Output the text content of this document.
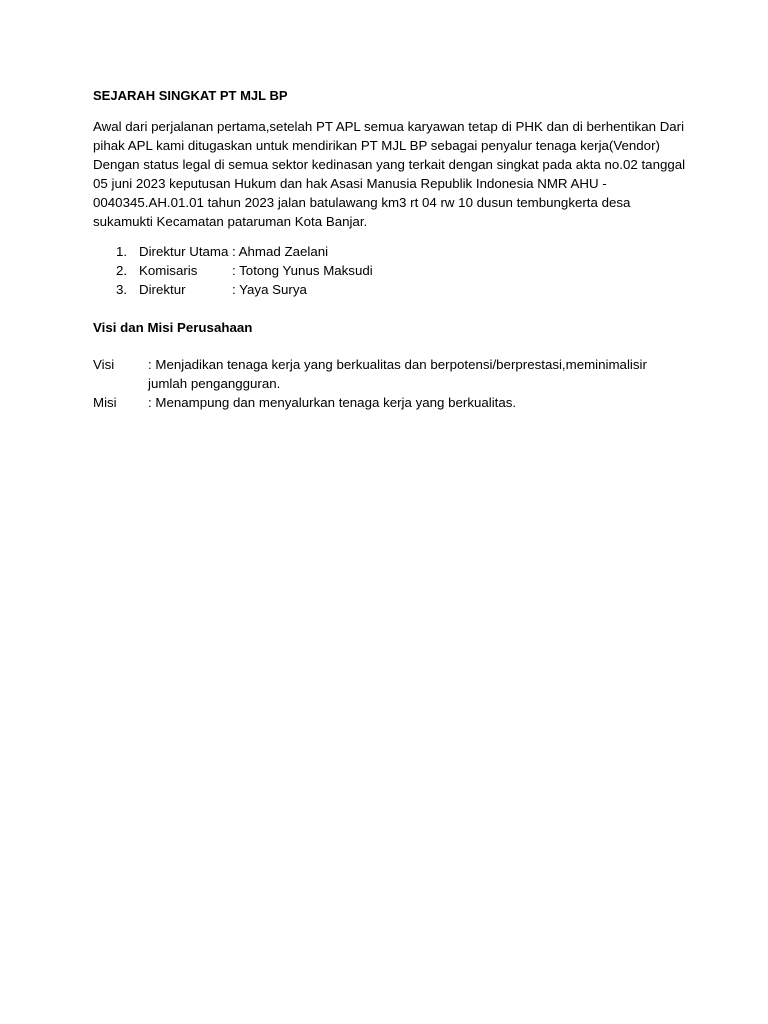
SEJARAH SINGKAT PT MJL BP
Awal dari perjalanan pertama,setelah PT APL semua karyawan tetap di PHK dan di berhentikan Dari
pihak APL kami ditugaskan untuk mendirikan PT MJL BP sebagai penyalur tenaga kerja(Vendor)
Dengan status legal di semua sektor kedinasan yang terkait dengan singkat pada akta no.02 tanggal
05 juni 2023 keputusan Hukum dan hak Asasi Manusia Republik Indonesia NMR AHU -
0040345.AH.01.01 tahun 2023 jalan batulawang km3 rt 04 rw 10 dusun tembungkerta desa
sukamukti Kecamatan pataruman Kota Banjar.
1. Direktur Utama : Ahmad Zaelani
2. Komisaris	: Totong Yunus Maksudi
3. Direktur	: Yaya Surya
Visi dan Misi Perusahaan
Visi	: Menjadikan tenaga kerja yang berkualitas dan berpotensi/berprestasi,meminimalisir
jumlah pengangguran.
Misi : Menampung dan menyalurkan tenaga kerja yang berkualitas.
